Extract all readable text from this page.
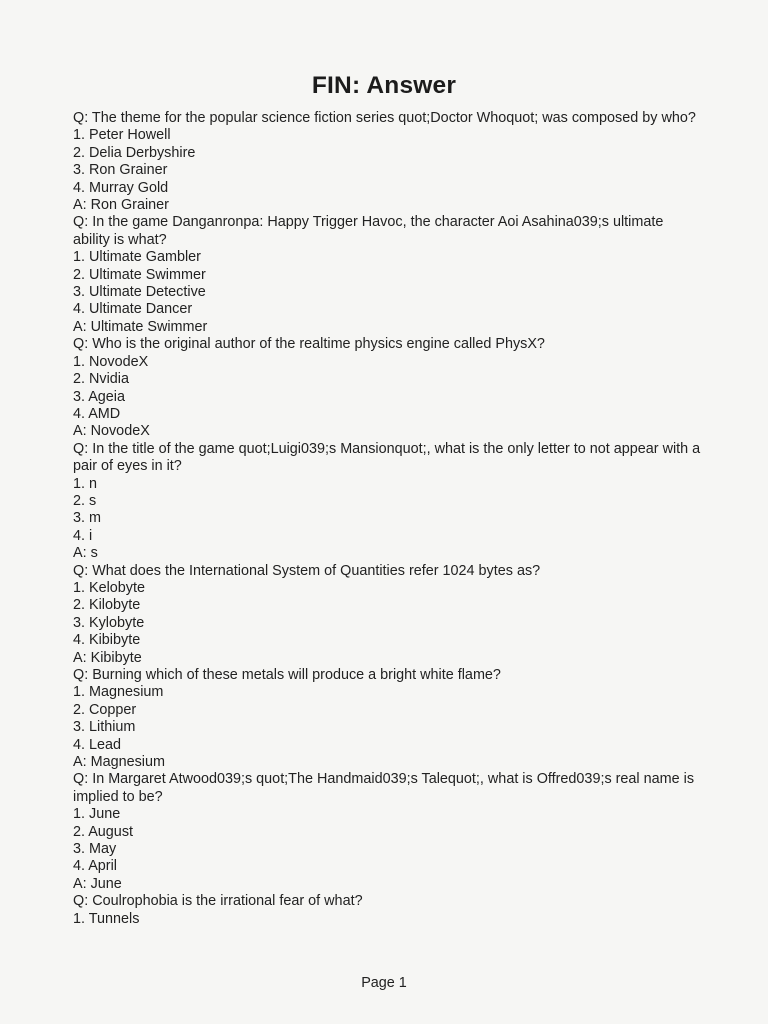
FIN: Answer
Q: The theme for the popular science fiction series quot;Doctor Whoquot; was composed by who?
1. Peter Howell
2. Delia Derbyshire
3. Ron Grainer
4. Murray Gold
A: Ron Grainer
Q: In the game Danganronpa: Happy Trigger Havoc, the character Aoi Asahina039;s ultimate ability is what?
1. Ultimate Gambler
2. Ultimate Swimmer
3. Ultimate Detective
4. Ultimate Dancer
A: Ultimate Swimmer
Q: Who is the original author of the realtime physics engine called PhysX?
1. NovodeX
2. Nvidia
3. Ageia
4. AMD
A: NovodeX
Q: In the title of the game quot;Luigi039;s Mansionquot;, what is the only letter to not appear with a pair of eyes in it?
1. n
2. s
3. m
4. i
A: s
Q: What does the International System of Quantities refer 1024 bytes as?
1. Kelobyte
2. Kilobyte
3. Kylobyte
4. Kibibyte
A: Kibibyte
Q: Burning which of these metals will produce a bright white flame?
1. Magnesium
2. Copper
3. Lithium
4. Lead
A: Magnesium
Q: In Margaret Atwood039;s quot;The Handmaid039;s Talequot;, what is Offred039;s real name is implied to be?
1. June
2. August
3. May
4. April
A: June
Q: Coulrophobia is the irrational fear of what?
1. Tunnels
Page 1
